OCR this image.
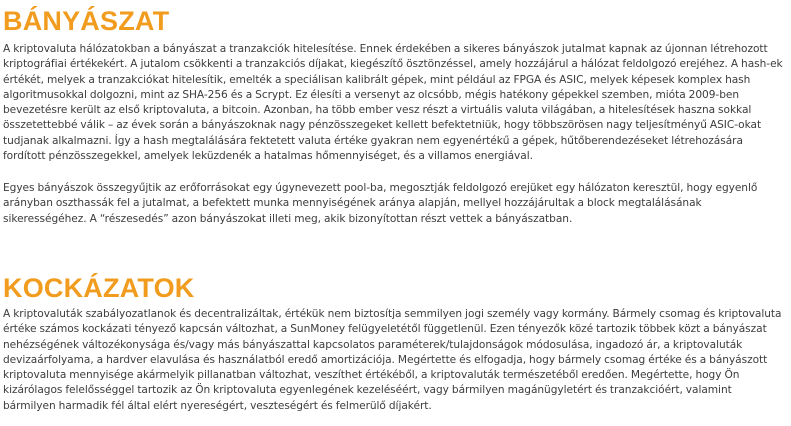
BÁNYÁSZAT

A kriptovaluta hálózatokban a bányászat a tranzakciók hitelesítése. Ennek érdekében a sikeres bányászok jutalmat kapnak az újonnan létrehozott kriptográfiai értékekért. A jutalom csökkenti a tranzakciós díjakat, kiegészítő ösztönzéssel, amely hozzájárul a hálózat feldolgozó erejéhez. A hash-ek értékét, melyek a tranzakciókat hitelesítik, emelték a speciálisan kalibrált gépek, mint például az FPGA és ASIC, melyek képesek komplex hash algoritmusokkal dolgozni, mint az SHA-256 és a Scrypt. Ez élesíti a versenyt az olcsóbb, mégis hatékony gépekkel szemben, mióta 2009-ben bevezetésre került az első kriptovaluta, a bitcoin. Azonban, ha több ember vesz részt a virtuális valuta világában, a hitelesítések haszna sokkal összetettebbé válik – az évek során a bányászoknak nagy pénzösszegeket kellett befektetniük, hogy többszörösen nagy teljesítményű ASIC-okat tudjanak alkalmazni. Így a hash megtalálására fektetett valuta értéke gyakran nem egyenértékű a gépek, hűtőberendezéseket létrehozására fordított pénzösszegekkel, amelyek leküzdenék a hatalmas hőmennyiséget, és a villamos energiával.

Egyes bányászok összegyűjtik az erőforrásokat egy úgynevezett pool-ba, megosztják feldolgozó erejüket egy hálózaton keresztül, hogy egyenlő arányban oszthassák fel a jutalmat, a befektett munka mennyiségének aránya alapján, mellyel hozzájárultak a block megtalálásának sikerességéhez. A “részesedés” azon bányászokat illeti meg, akik bizonyítottan részt vettek a bányászatban.

KOCKÁZATOK

A kriptovaluták szabályozatlanok és decentralizáltak, értékük nem biztosítja semmilyen jogi személy vagy kormány. Bármely csomag és kriptovaluta értéke számos kockázati tényező kapcsán változhat, a SunMoney felügyeletétől függetlenül. Ezen tényezők közé tartozik többek közt a bányászat nehézségének változékonysága és/vagy más bányászattal kapcsolatos paraméterek/tulajdonságok módosulása, ingadozó ár, a kriptovaluták devizaárfolyama, a hardver elavulása és használatból eredő amortizációja. Megértette és elfogadja, hogy bármely csomag értéke és a bányászott kriptovaluta mennyisége akármelyik pillanatban változhat, veszíthet értékéből, a kriptovaluták természetéből eredően. Megértette, hogy Ön kizárólagos felelősséggel tartozik az Ön kriptovaluta egyenlegének kezeléséért, vagy bármilyen magánügyletért és tranzakcióért, valamint bármilyen harmadik fél által elért nyereségért, veszteségért és felmerülő díjakért.
